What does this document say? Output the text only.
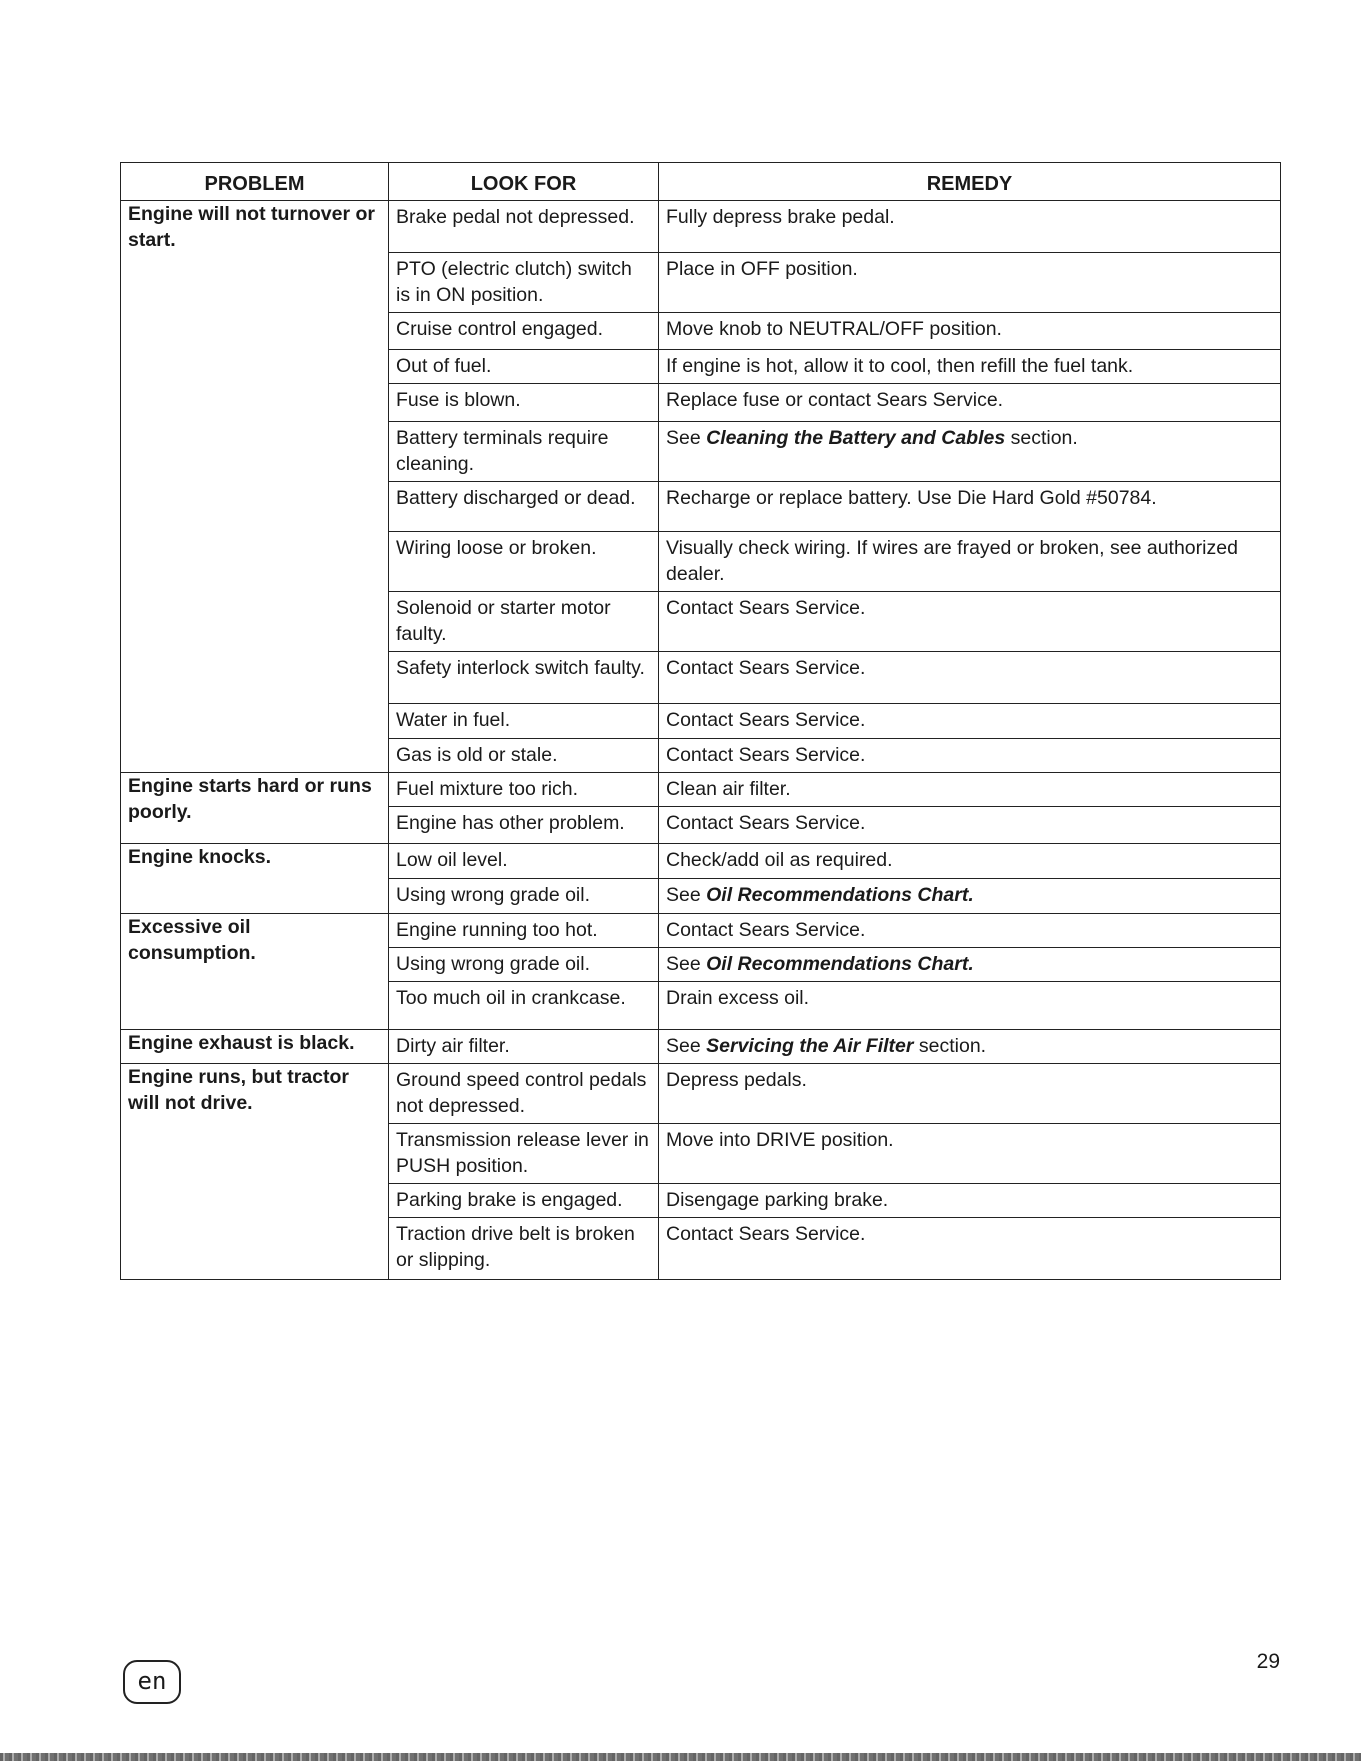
PROBLEM	LOOK FOR	REMEDY
Engine will not turnover or start.	Brake pedal not depressed.	Fully depress brake pedal.
	PTO (electric clutch) switch is in ON position.	Place in OFF position.
	Cruise control engaged.	Move knob to NEUTRAL/OFF position.
	Out of fuel.	If engine is hot, allow it to cool, then refill the fuel tank.
	Fuse is blown.	Replace fuse or contact Sears Service.
	Battery terminals require cleaning.	See Cleaning the Battery and Cables section.
	Battery discharged or dead.	Recharge or replace battery. Use Die Hard Gold #50784.
	Wiring loose or broken.	Visually check wiring. If wires are frayed or broken, see authorized dealer.
	Solenoid or starter motor faulty.	Contact Sears Service.
	Safety interlock switch faulty.	Contact Sears Service.
	Water in fuel.	Contact Sears Service.
	Gas is old or stale.	Contact Sears Service.
Engine starts hard or runs poorly.	Fuel mixture too rich.	Clean air filter.
	Engine has other problem.	Contact Sears Service.
Engine knocks.	Low oil level.	Check/add oil as required.
	Using wrong grade oil.	See Oil Recommendations Chart.
Excessive oil consumption.	Engine running too hot.	Contact Sears Service.
	Using wrong grade oil.	See Oil Recommendations Chart.
	Too much oil in crankcase.	Drain excess oil.
Engine exhaust is black.	Dirty air filter.	See Servicing the Air Filter section.
Engine runs, but tractor will not drive.	Ground speed control pedals not depressed.	Depress pedals.
	Transmission release lever in PUSH position.	Move into DRIVE position.
	Parking brake is engaged.	Disengage parking brake.
	Traction drive belt is broken or slipping.	Contact Sears Service.
en
29
